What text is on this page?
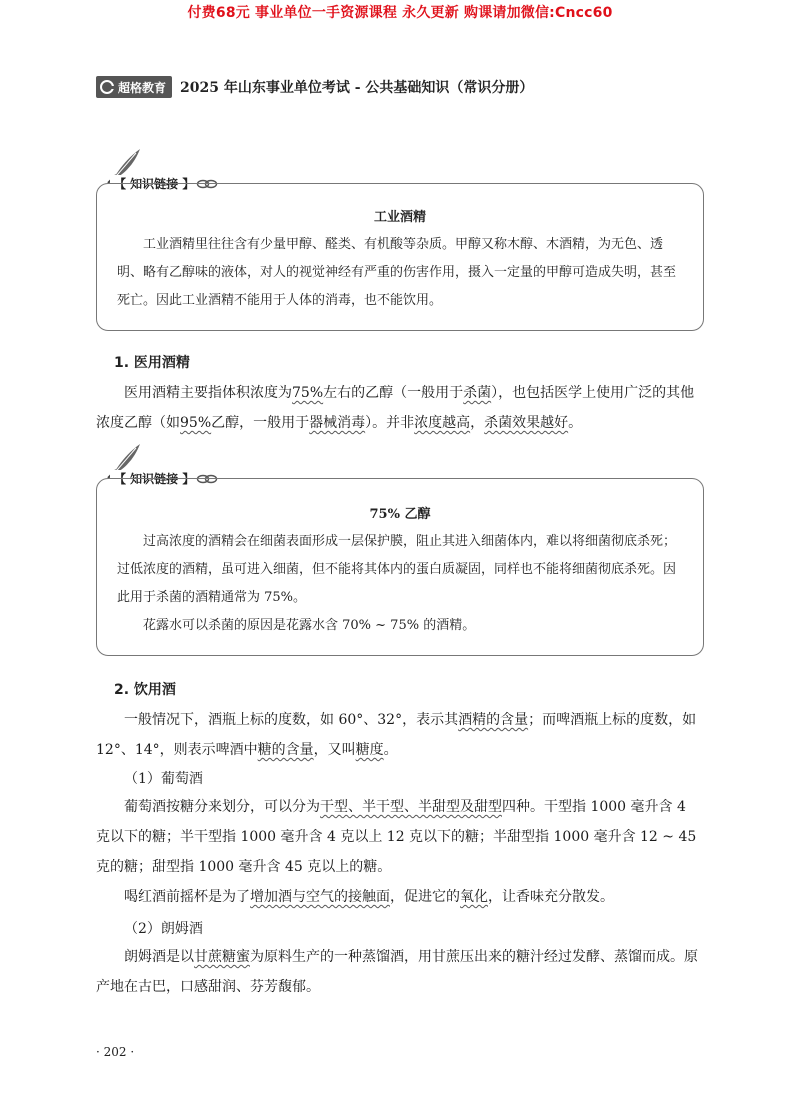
付费68元 事业单位一手资源课程 永久更新 购课请加微信:Cncc60
超格教育 2025 年山东事业单位考试 - 公共基础知识（常识分册）
【 知识链接 】
工业酒精

工业酒精里往往含有少量甲醇、醛类、有机酸等杂质。甲醇又称木醇、木酒精，为无色、透明、略有乙醇味的液体，对人的视觉神经有严重的伤害作用，摄入一定量的甲醇可造成失明，甚至死亡。因此工业酒精不能用于人体的消毒，也不能饮用。

1. 医用酒精

医用酒精主要指体积浓度为75%左右的乙醇（一般用于杀菌），也包括医学上使用广泛的其他浓度乙醇（如95%乙醇，一般用于器械消毒）。并非浓度越高，杀菌效果越好。

【 知识链接 】
75% 乙醇

过高浓度的酒精会在细菌表面形成一层保护膜，阻止其进入细菌体内，难以将细菌彻底杀死；过低浓度的酒精，虽可进入细菌，但不能将其体内的蛋白质凝固，同样也不能将细菌彻底杀死。因此用于杀菌的酒精通常为 75%。

花露水可以杀菌的原因是花露水含 70% ~ 75% 的酒精。

2. 饮用酒

一般情况下，酒瓶上标的度数，如 60°、32°，表示其酒精的含量；而啤酒瓶上标的度数，如 12°、14°，则表示啤酒中糖的含量，又叫糖度。

（1）葡萄酒

葡萄酒按糖分来划分，可以分为干型、半干型、半甜型及甜型四种。干型指 1000 毫升含 4 克以下的糖；半干型指 1000 毫升含 4 克以上 12 克以下的糖；半甜型指 1000 毫升含 12 ~ 45 克的糖；甜型指 1000 毫升含 45 克以上的糖。

喝红酒前摇杯是为了增加酒与空气的接触面，促进它的氧化，让香味充分散发。

（2）朗姆酒

朗姆酒是以甘蔗糖蜜为原料生产的一种蒸馏酒，用甘蔗压出来的糖汁经过发酵、蒸馏而成。原产地在古巴，口感甜润、芬芳馥郁。

· 202 ·
